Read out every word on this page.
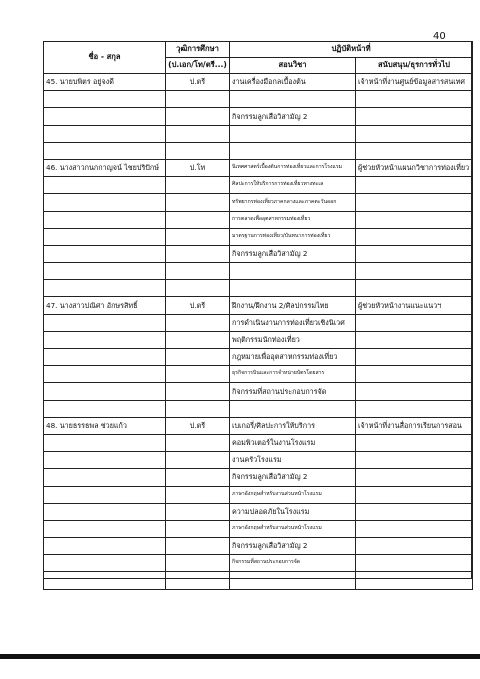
40
ชื่อ - สกุล	วุฒิการศึกษา	ปฏิบัติหน้าที่	
	(ป.เอก/โท/ตรี...)	สอนวิชา	สนับสนุน/ธุรการทั่วไป
45. นายบพิตร อยู่จงดี	ป.ตรี	งานเครื่องมือกลเบื้องต้น	เจ้าหน้าที่งานศูนย์ข้อมูลสารสนเทศ

		กิจกรรมลูกเสือวิสามัญ 2	

46. นางสาวกนกกาญจน์ ไชยปริปักษ์	ป.โท	นิเทศศาสตร์เบื้องต้นการท่องเที่ยวและการโรงแรม	ผู้ช่วยหัวหน้าแผนกวิชาการท่องเที่ยว
		ศิลปะการให้บริการการท่องเที่ยวทางทะเล	
		ทรัพยากรท่องเที่ยวภาคกลางและภาคตะวันออก	
		การตลาดเพื่ออุตสาหกรรมท่องเที่ยว	
		มาตรฐานการท่องเที่ยว/บันทนาการท่องเที่ยว	
		กิจกรรมลูกเสือวิสามัญ 2	

47. นางสาวปณิศา อักษรสิทธิ์	ป.ตรี	ฝึกงาน/ฝึกงาน 2/ศิลปกรรมไทย	ผู้ช่วยหัวหน้างานแนะแนวฯ
		การดำเนินงานการท่องเที่ยวเชิงนิเวศ	
		พฤติกรรมนักท่องเที่ยว	
		กฎหมายเพื่ออุตสาหกรรมท่องเที่ยว	
		ธุรกิจการบินและการจำหน่ายบัตรโดยสาร	
		กิจกรรมที่สถานประกอบการจัด	

48. นายธรรธพล ช่วยแก้ว	ป.ตรี	เบเกอรี่/ศิลปะการให้บริการ	เจ้าหน้าที่งานสื่อการเรียนการสอน
		คอมพิวเตอร์ในงานโรงแรม	
		งานครัวโรงแรม	
		กิจกรรมลูกเสือวิสามัญ 2	
		ภาษาอังกฤษสำหรับงานส่วนหน้าโรงแรม	
		ความปลอดภัยในโรงแรม	
		ภาษาอังกฤษสำหรับงานส่วนหน้าโรงแรม	
		กิจกรรมลูกเสือวิสามัญ 2	
		กิจกรรมที่สถานประกอบการจัด	
